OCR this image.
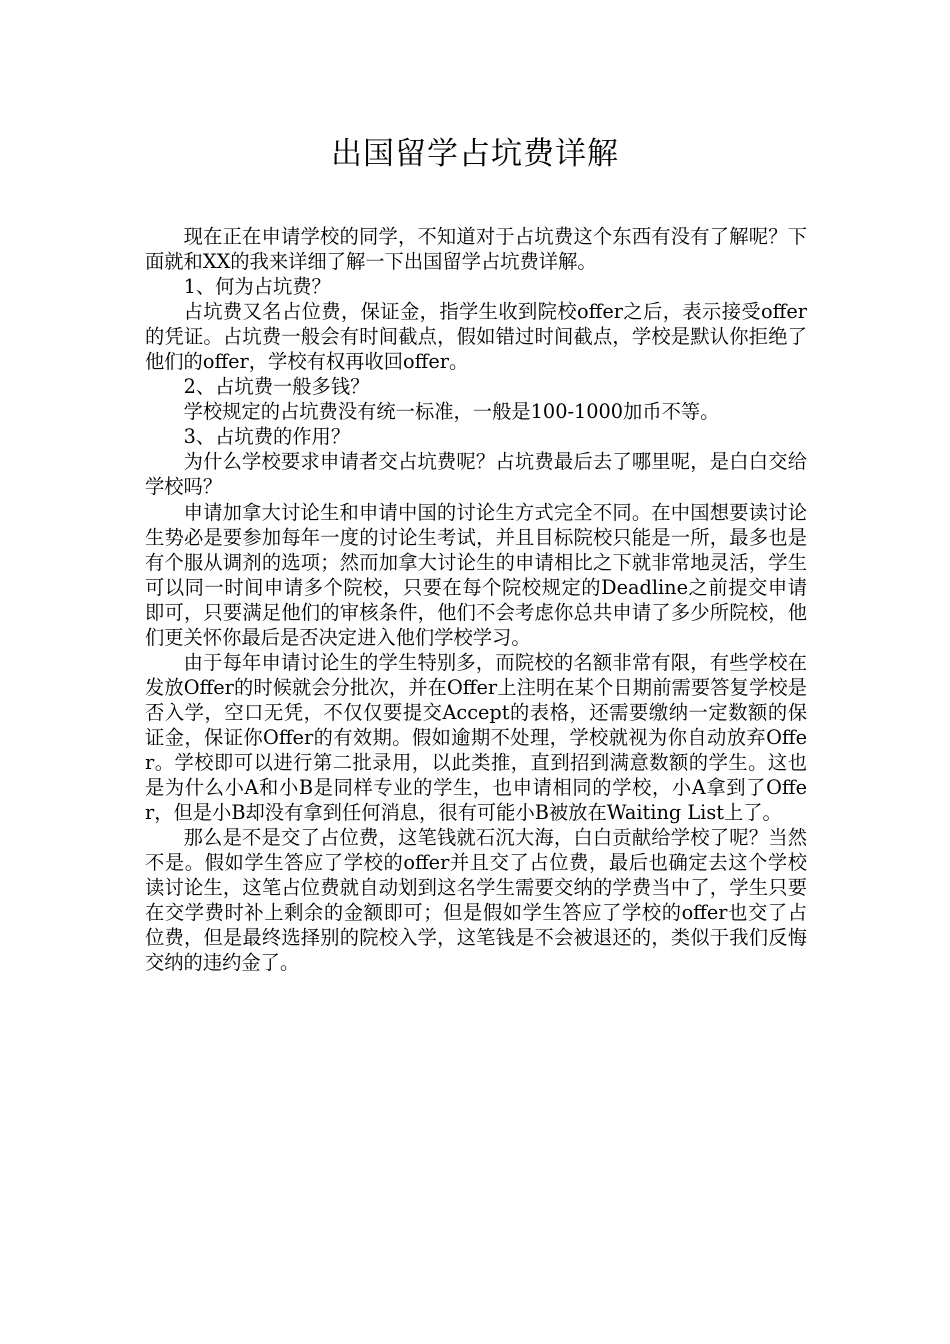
出国留学占坑费详解

现在正在申请学校的同学，不知道对于占坑费这个东西有没有了解呢？下面就和XX的我来详细了解一下出国留学占坑费详解。

1、何为占坑费？

占坑费又名占位费，保证金，指学生收到院校offer之后，表示接受offer的凭证。占坑费一般会有时间截点，假如错过时间截点，学校是默认你拒绝了他们的offer，学校有权再收回offer。

2、占坑费一般多钱？

学校规定的占坑费没有统一标准，一般是100-1000加币不等。

3、占坑费的作用？

为什么学校要求申请者交占坑费呢？占坑费最后去了哪里呢，是白白交给学校吗？

申请加拿大讨论生和申请中国的讨论生方式完全不同。在中国想要读讨论生势必是要参加每年一度的讨论生考试，并且目标院校只能是一所，最多也是有个服从调剂的选项；然而加拿大讨论生的申请相比之下就非常地灵活，学生可以同一时间申请多个院校，只要在每个院校规定的Deadline之前提交申请即可，只要满足他们的审核条件，他们不会考虑你总共申请了多少所院校，他们更关怀你最后是否决定进入他们学校学习。

由于每年申请讨论生的学生特别多，而院校的名额非常有限，有些学校在发放Offer的时候就会分批次，并在Offer上注明在某个日期前需要答复学校是否入学，空口无凭，不仅仅要提交Accept的表格，还需要缴纳一定数额的保证金，保证你Offer的有效期。假如逾期不处理，学校就视为你自动放弃Offer。学校即可以进行第二批录用，以此类推，直到招到满意数额的学生。这也是为什么小A和小B是同样专业的学生，也申请相同的学校，小A拿到了Offer，但是小B却没有拿到任何消息，很有可能小B被放在Waiting List上了。

那么是不是交了占位费，这笔钱就石沉大海，白白贡献给学校了呢？当然不是。假如学生答应了学校的offer并且交了占位费，最后也确定去这个学校读讨论生，这笔占位费就自动划到这名学生需要交纳的学费当中了，学生只要在交学费时补上剩余的金额即可；但是假如学生答应了学校的offer也交了占位费，但是最终选择别的院校入学，这笔钱是不会被退还的，类似于我们反悔交纳的违约金了。
